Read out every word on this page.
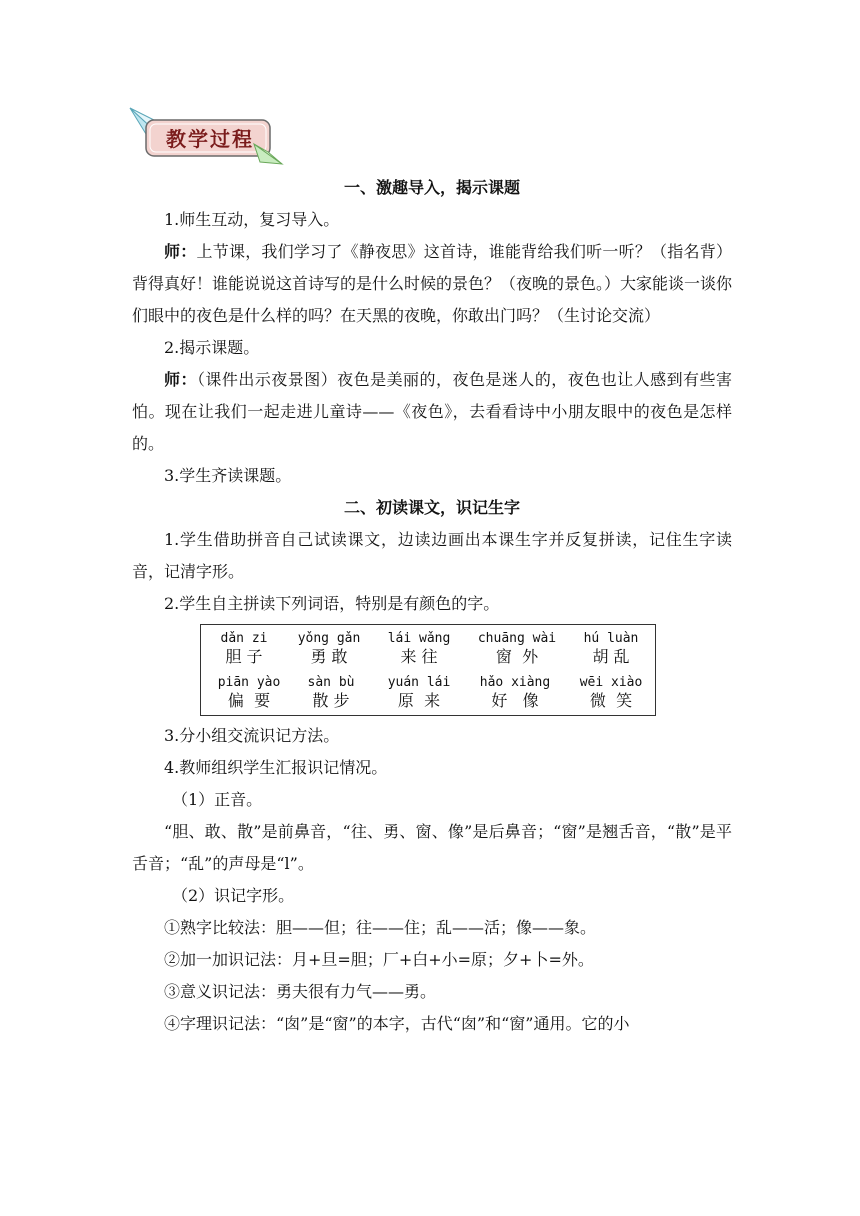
教学过程

一、激趣导入，揭示课题

1.师生互动，复习导入。

师：上节课，我们学习了《静夜思》这首诗，谁能背给我们听一听？（指名背）背得真好！谁能说说这首诗写的是什么时候的景色？（夜晚的景色。）大家能谈一谈你们眼中的夜色是什么样的吗？在天黑的夜晚，你敢出门吗？（生讨论交流）

2.揭示课题。

师：（课件出示夜景图）夜色是美丽的，夜色是迷人的，夜色也让人感到有些害怕。现在让我们一起走进儿童诗——《夜色》，去看看诗中小朋友眼中的夜色是怎样的。

3.学生齐读课题。

二、初读课文，识记生字

1.学生借助拼音自己试读课文，边读边画出本课生字并反复拼读，记住生字读音，记清字形。

2.学生自主拼读下列词语，特别是有颜色的字。

dǎn zi
胆 子
yǒng gǎn
勇 敢
lái wǎng
来 往
chuāng wài
窗  外
hú luàn
胡 乱
piān yào
偏  要
sàn bù
散 步
yuán lái
原  来
hǎo xiàng
好   像
wēi xiào
微  笑

3.分小组交流识记方法。

4.教师组织学生汇报识记情况。

（1）正音。

“胆、敢、散”是前鼻音，“往、勇、窗、像”是后鼻音；“窗”是翘舌音，“散”是平舌音；“乱”的声母是“l”。

（2）识记字形。

①熟字比较法：胆——但；往——住；乱——活；像——象。

②加一加识记法：月+旦=胆；厂+白+小=原；夕+卜=外。

③意义识记法：勇夫很有力气——勇。

④字理识记法：“囱”是“窗”的本字，古代“囱”和“窗”通用。它的小
